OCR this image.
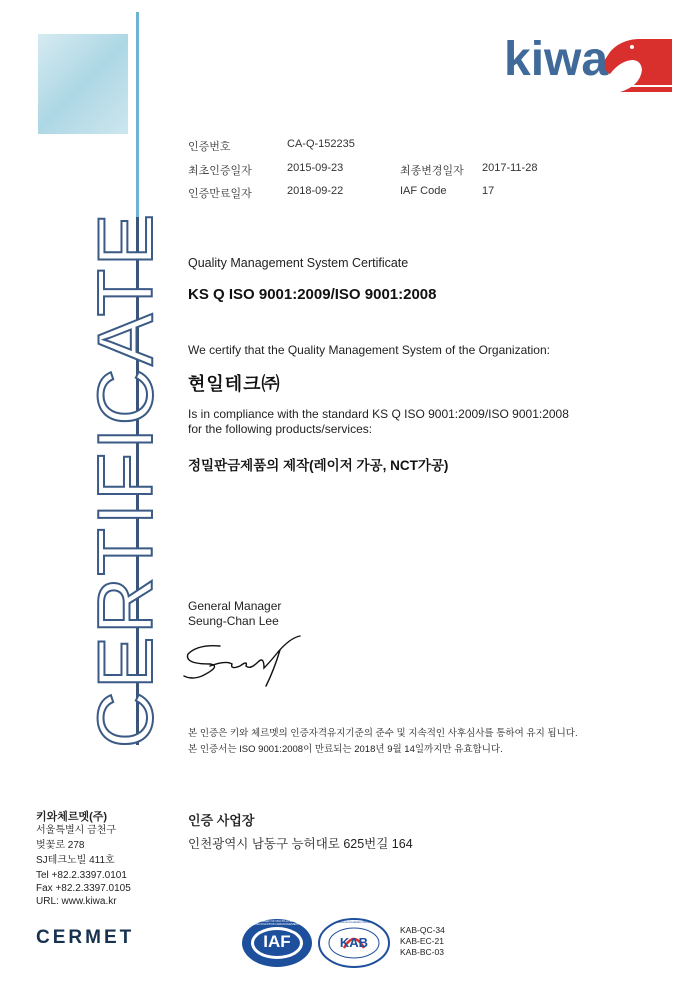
CERTIFICATE
kiwa
인증번호	CA-Q-152235
최초인증일자	2015-09-23	최종변경일자 2017-11-28
인증만료일자	2018-09-22	IAF Code	17
Quality Management System Certificate
KS Q ISO 9001:2009/ISO 9001:2008
We certify that the Quality Management System of the Organization:
현일테크㈜
Is in compliance with the standard KS Q ISO 9001:2009/ISO 9001:2008
for the following products/services:
정밀판금제품의 제작(레이저 가공, NCT가공)
General Manager
Seung-Chan Lee
본 인증은 키와 체르멧의 인증자격유지기준의 준수 및 지속적인 사후심사를 통하여 유지 됩니다.
본 인증서는 ISO 9001:2008이 만료되는 2018년 9월 14일까지만 유효합니다.
키와체르멧(주)
서울특별시 금천구
벚꽃로 278
SJ테크노빌 411호
Tel +82.2.3397.0101
Fax +82.2.3397.0105
URL: www.kiwa.kr
CERMET
인증 사업장
인천광역시 남동구 능허대로 625번길 164
IAF
MEMBER OF MULTILATERAL RECOGNITION ARRANGEMENT
KAB
Korea Accreditation Board
KAB-QC-34
KAB-EC-21
KAB-BC-03
